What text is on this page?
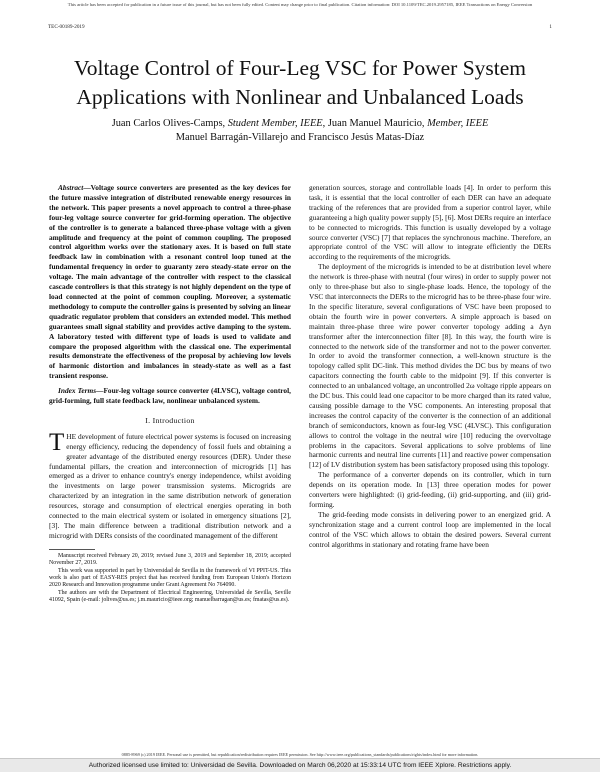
This article has been accepted for publication in a future issue of this journal, but has not been fully edited. Content may change prior to final publication. Citation information: DOI 10.1109/TEC.2019.2957185, IEEE Transactions on Energy Conversion
TEC-00189-2019	1
Voltage Control of Four-Leg VSC for Power System Applications with Nonlinear and Unbalanced Loads
Juan Carlos Olives-Camps, Student Member, IEEE, Juan Manuel Mauricio, Member, IEEE
Manuel Barragán-Villarejo and Francisco Jesús Matas-Díaz

Abstract—Voltage source converters are presented as the key devices for the future massive integration of distributed renewable energy resources in the network. This paper presents a novel approach to control a three-phase four-leg voltage source converter for grid-forming operation. The objective of the controller is to generate a balanced three-phase voltage with a given amplitude and frequency at the point of common coupling. The proposed control algorithm works over the stationary axes. It is based on full state feedback law in combination with a resonant control loop tuned at the fundamental frequency in order to guaranty zero steady-state error on the voltage. The main advantage of the controller with respect to the classical cascade controllers is that this strategy is not highly dependent on the type of load connected at the point of common coupling. Moreover, a systematic methodology to compute the controller gains is presented by solving an linear quadratic regulator problem that considers an extended model. This method guarantees small signal stability and provides active damping to the system. A laboratory tested with different type of loads is used to validate and compare the proposed algorithm with the classical one. The experimental results demonstrate the effectiveness of the proposal by achieving low levels of harmonic distortion and imbalances in steady-state as well as a fast transient response.

Index Terms—Four-leg voltage source converter (4LVSC), voltage control, grid-forming, full state feedback law, nonlinear unbalanced system.

I. Introduction

THE development of future electrical power systems is focused on increasing energy efficiency, reducing the dependency of fossil fuels and obtaining a greater advantage of the distributed energy resources (DER). Under these fundamental pillars, the creation and interconnection of microgrids [1] has emerged as a driver to enhance country's energy independence, whilst avoiding the investments on large power transmission systems. Microgrids are characterized by an integration in the same distribution network of generation resources, storage and consumption of electrical energies operating in both connected to the main electrical system or isolated in emergency situations [2], [3]. The main difference between a traditional distribution network and a microgrid with DERs consists of the coordinated management of the different

Manuscript received February 20, 2019; revised June 3, 2019 and September 18, 2019; accepted November 27, 2019.

This work was supported in part by Universidad de Sevilla in the framework of VI PPIT-US. This work is also part of EASY-RES project that has received funding from European Union's Horizon 2020 Research and Innovation programme under Grant Agreement No 764090.

The authors are with the Department of Electrical Engineering, Universidad de Sevilla, Seville 41092, Spain (e-mail: jolives@us.es; j.m.mauricio@ieee.org; manuelbarragan@us.es; fmatas@us.es).

generation sources, storage and controllable loads [4]. In order to perform this task, it is essential that the local controller of each DER can have an adequate tracking of the references that are provided from a superior control layer, while guaranteeing a high quality power supply [5], [6]. Most DERs require an interface to be connected to microgrids. This function is usually developed by a voltage source converter (VSC) [7] that replaces the synchronous machine. Therefore, an appropriate control of the VSC will allow to integrate efficiently the DERs according to the requirements of the microgrids.

The deployment of the microgrids is intended to be at distribution level where the network is three-phase with neutral (four wires) in order to supply power not only to three-phase but also to single-phase loads. Hence, the topology of the VSC that interconnects the DERs to the microgrid has to be three-phase four wire. In the specific literature, several configurations of VSC have been proposed to obtain the fourth wire in power converters. A simple approach is based on maintain three-phase three wire power converter topology adding a Δyn transformer after the interconnection filter [8]. In this way, the fourth wire is connected to the network side of the transformer and not to the power converter. In order to avoid the transformer connection, a well-known structure is the topology called split DC-link. This method divides the DC bus by means of two capacitors connecting the fourth cable to the midpoint [9]. If this converter is connected to an unbalanced voltage, an uncontrolled 2ω voltage ripple appears on the DC bus. This could lead one capacitor to be more charged than its rated value, causing possible damage to the VSC components. An interesting proposal that increases the control capacity of the converter is the connection of an additional branch of semiconductors, known as four-leg VSC (4LVSC). This configuration allows to control the voltage in the neutral wire [10] reducing the overvoltage problems in the capacitors. Several applications to solve problems of line harmonic currents and neutral line currents [11] and reactive power compensation [12] of LV distribution system has been satisfactory proposed using this topology.

The performance of a converter depends on its controller, which in turn depends on its operation mode. In [13] three operation modes for power converters were highlighted: (i) grid-feeding, (ii) grid-supporting, and (iii) grid-forming.

The grid-feeding mode consists in delivering power to an energized grid. A synchronization stage and a current control loop are implemented in the local control of the VSC which allows to obtain the desired powers. Several current control algorithms in stationary and rotating frame have been

0885-8969 (c) 2019 IEEE. Personal use is permitted, but republication/redistribution requires IEEE permission. See http://www.ieee.org/publications_standards/publications/rights/index.html for more information.
Authorized licensed use limited to: Universidad de Sevilla. Downloaded on March 06,2020 at 15:33:14 UTC from IEEE Xplore. Restrictions apply.
